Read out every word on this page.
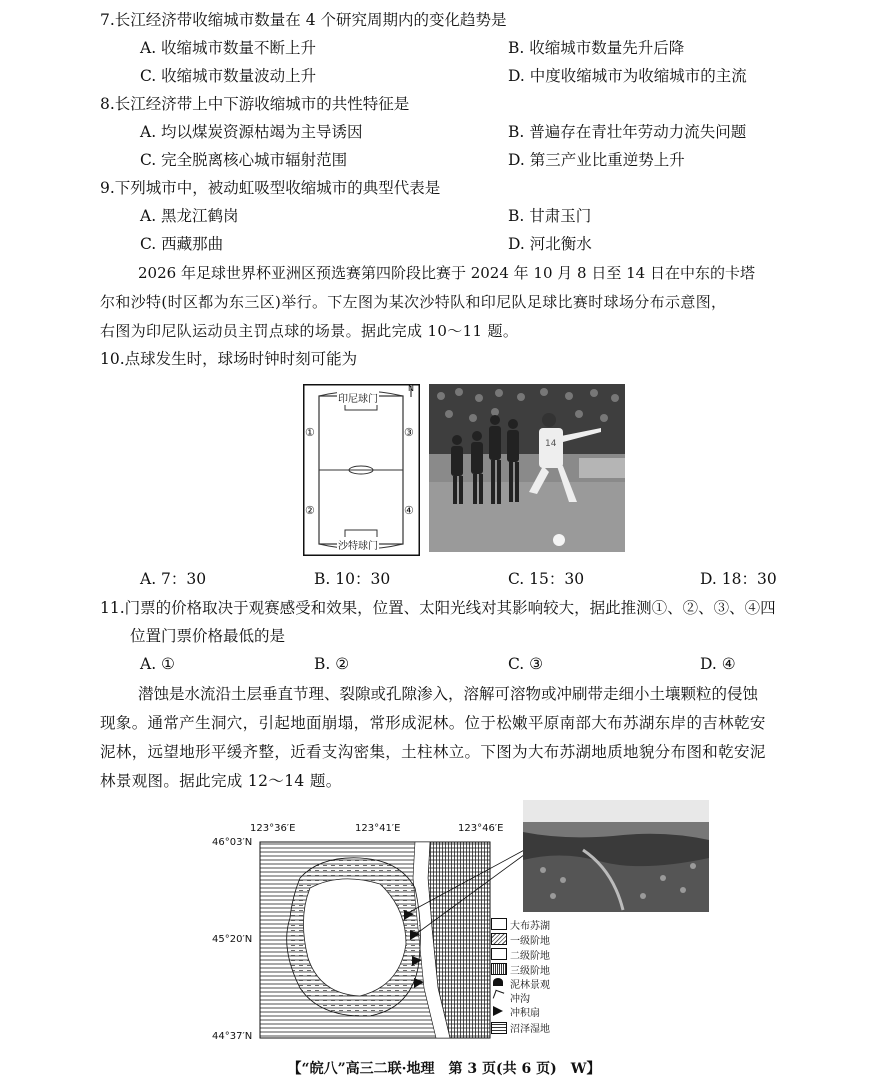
7.长江经济带收缩城市数量在 4 个研究周期内的变化趋势是
A. 收缩城市数量不断上升	B. 收缩城市数量先升后降
C. 收缩城市数量波动上升	D. 中度收缩城市为收缩城市的主流
8.长江经济带上中下游收缩城市的共性特征是
A. 均以煤炭资源枯竭为主导诱因	B. 普遍存在青壮年劳动力流失问题
C. 完全脱离核心城市辐射范围	D. 第三产业比重逆势上升
9.下列城市中，被动虹吸型收缩城市的典型代表是
A. 黑龙江鹤岗	B. 甘肃玉门
C. 西藏那曲	D. 河北衡水
2026 年足球世界杯亚洲区预选赛第四阶段比赛于 2024 年 10 月 8 日至 14 日在中东的卡塔
尔和沙特(时区都为东三区)举行。下左图为某次沙特队和印尼队足球比赛时球场分布示意图，
右图为印尼队运动员主罚点球的场景。据此完成 10～11 题。
10.点球发生时，球场时钟时刻可能为
N
印尼球门
沙特球门
①
②
③
④
14
A. 7：30	B. 10：30	C. 15：30	D. 18：30
11.门票的价格取决于观赛感受和效果，位置、太阳光线对其影响较大，据此推测①、②、③、④四
位置门票价格最低的是
A. ①	B. ②	C. ③	D. ④
潜蚀是水流沿土层垂直节理、裂隙或孔隙渗入，溶解可溶物或冲刷带走细小土壤颗粒的侵蚀
现象。通常产生洞穴，引起地面崩塌，常形成泥林。位于松嫩平原南部大布苏湖东岸的吉林乾安
泥林，远望地形平缓齐整，近看支沟密集，土柱林立。下图为大布苏湖地质地貌分布图和乾安泥
林景观图。据此完成 12～14 题。
123°36′E	123°41′E	123°46′E
46°03′N
45°20′N
44°37′N
大布苏湖
一级阶地
二级阶地
三级阶地
泥林景观
冲沟
冲积扇
沼泽湿地
【“皖八”高三二联·地理　第 3 页(共 6 页)　W】
